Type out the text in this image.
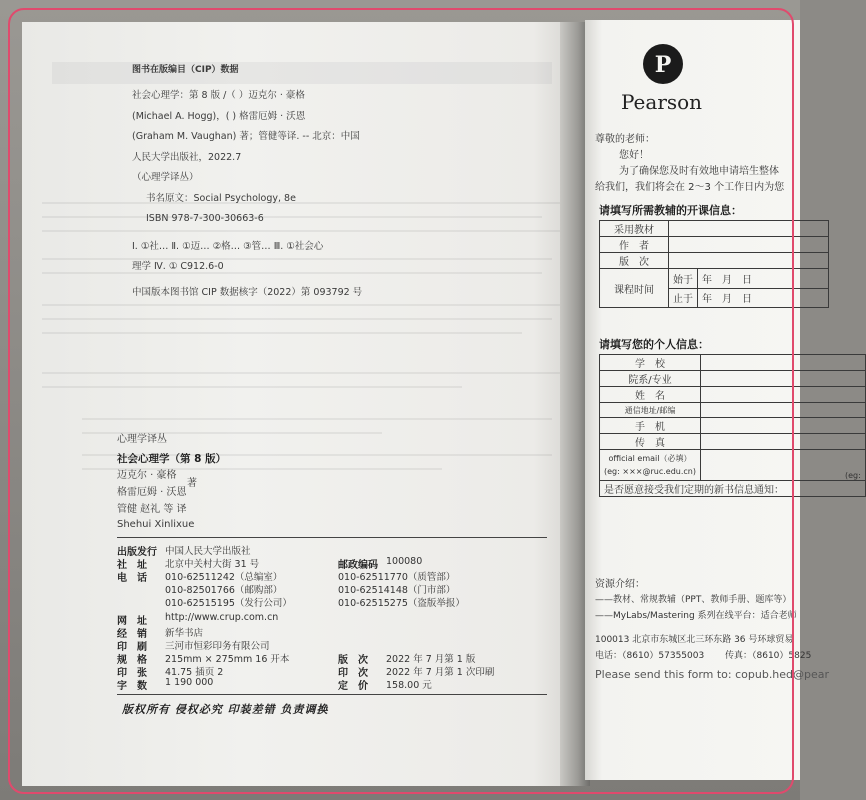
图书在版编目（CIP）数据
社会心理学：第 8 版 /（ ）迈克尔 · 豪格
(Michael A. Hogg)，( ) 格雷厄姆 · 沃恩
(Graham M. Vaughan) 著；管健等译. -- 北京：中国
人民大学出版社，2022.7
（心理学译丛）
书名原文：Social Psychology, 8e
ISBN 978-7-300-30663-6
Ⅰ. ①社… Ⅱ. ①迈… ②格… ③管… Ⅲ. ①社会心
理学 Ⅳ. ① C912.6-0
中国版本图书馆 CIP 数据核字（2022）第 093792 号
心理学译丛
社会心理学（第 8 版）
迈克尔 · 豪格
著
格雷厄姆 · 沃恩
管健 赵礼 等 译
Shehui Xinlixue
出版发行 中国人民大学出版社
社　址 北京中关村大街 31 号	邮政编码 100080
电　话 010-62511242（总编室）	010-62511770（质管部）
010-82501766（邮购部）	010-62514148（门市部）
010-62515195（发行公司）	010-62515275（盗版举报）
网　址 http://www.crup.com.cn
经　销 新华书店
印　刷 三河市恒彩印务有限公司
规　格 215mm × 275mm 16 开本	版　次 2022 年 7 月第 1 版
印　张 41.75 插页 2	印　次 2022 年 7 月第 1 次印刷
字　数 1 190 000	定　价 158.00 元
版权所有 侵权必究 印装差错 负责调换
P
Pearson
尊敬的老师：
您好！
为了确保您及时有效地申请培生整体
给我们，我们将会在 2～3 个工作日内为您
请填写所需教辅的开课信息：
采用教材		
作　者		
版　次		
课程时间	始于	年　月　日
	止于	年　月　日
请填写您的个人信息：
学　校	
院系/专业	
姓　名	
通信地址/邮编	
手　机	
传　真	

official email（必填）
(eg: ×××@ruc.edu.cn)	(eg:
是否愿意接受我们定期的新书信息通知：	
资源介绍：
——教材、常规教辅（PPT、教师手册、题库等）
——MyLabs/Mastering 系列在线平台：适合老师
100013 北京市东城区北三环东路 36 号环球贸易
电话：（8610）57355003 传真：（8610）5825
Please send this form to: copub.hed@pear
